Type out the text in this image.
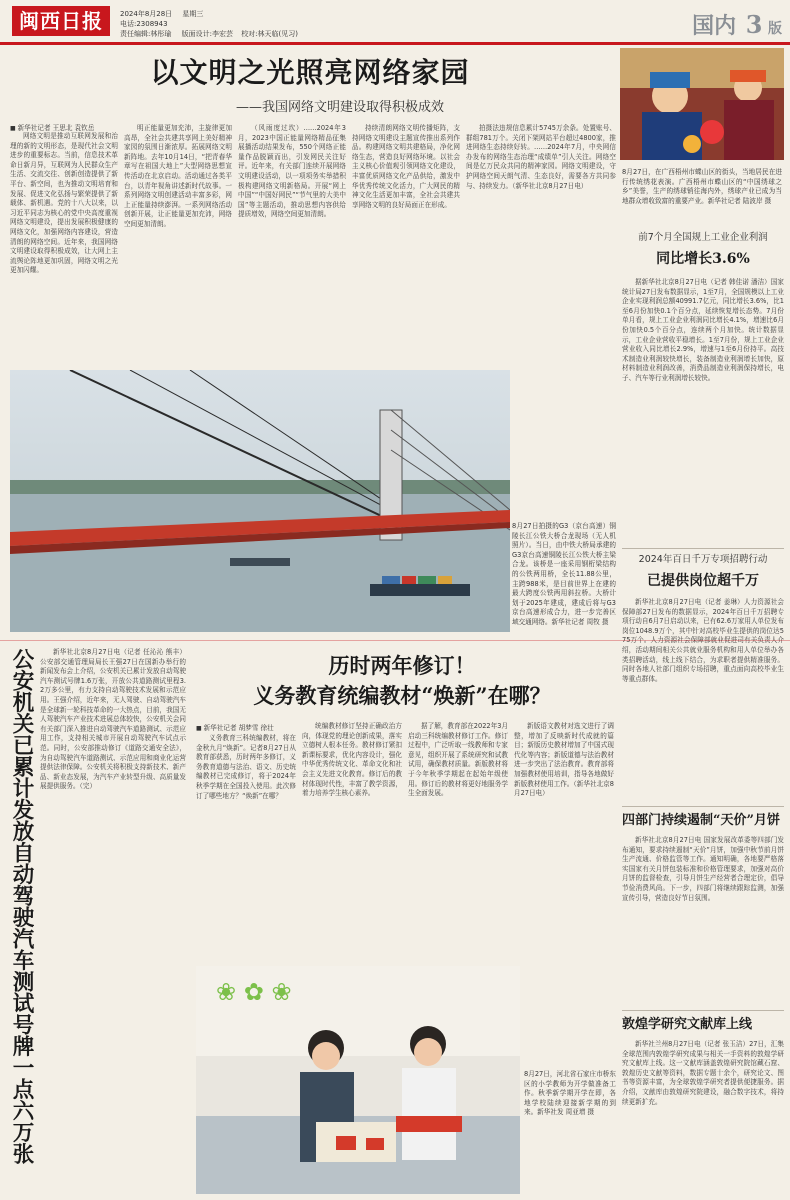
闽西日报	2024年8月28日 星期三
电话:2308943
责任编辑:林彤瑜 版面设计:李宏芸 校对:林天临(见习)	国内 3 版
以文明之光照亮网络家园
——我国网络文明建设取得积极成效
■ 新华社记者 王思北 袁钦岳

网络文明是推动互联网发展和治理的新的文明形态，是现代社会文明进步的重要标志。当前，信息技术革命日新月异，互联网为人民群众生产生活、交流交往、创新创造提供了新平台、新空间，也为推动文明培育和发展、促进文化弘扬与繁荣提供了新载体、新机遇。党的十八大以来，以习近平同志为核心的党中央高度重视网络文明建设，提出发展积极健康的网络文化，加强网络内容建设，营造清朗的网络空间。近年来，我国网络文明建设取得积极成效，让大网上主流舆论阵地更加巩固，网络文明之光更加闪耀。

明正能量更加充沛，主旋律更加高昂，全社会共建共享网上美好精神家园的氛围日渐浓厚。拓展网络文明新阵地。去年10月14日，“把青春华章写在祖国大地上”大型网络思想宣传活动在北京启动。活动通过各类平台，以青年视角讲述新时代故事。一系列网络文明创建活动丰富多彩，网上正能量持续澎湃。一系列网络活动创新开展，让正能量更加充沛，网络空间更加清朗。

（风雨度过坎）……2024年3月，2023中国正能量网络精品征集展播活动结果发布，550个网络正能量作品脱颖而出，引发网民关注好评。近年来，有关部门连续开展网络文明建设活动，以一项项务实举措积极构建网络文明新格局。开展“网上中国”“中国好网民”“节气里的大美中国”等主题活动，推动思想内容供给提质增效，网络空间更加清朗。

持续清朗网络文明传播矩阵，支持网络文明建设主题宣传推出系列作品。构建网络文明共建格局，净化网络生态，营造良好网络环境。以社会主义核心价值观引领网络文化建设，丰富优质网络文化产品供给，激发中华优秀传统文化活力，广大网民的精神文化生活更加丰富，全社会共建共享网络文明的良好局面正在形成。

拍摄法违规信息累计5745万余条。处置账号、群组781万个。关闭下架网站平台超过4800家，推进网络生态持续好转。……2024年7月，中央网信办发布的网络生态治理“成绩单”引人关注。网络空间是亿万民众共同的精神家园。网络文明建设，守护网络空间天朗气清、生态良好，需要各方共同参与、持续发力。（新华社北京8月27日电）

8月27日，在广西梧州市蝶山区的街头，当地居民在进行传统绣花表演。广西梧州市蝶山区的“中国绣球之乡”美誉，生产的绣球销往海内外，绣球产业已成为当地群众增收致富的重要产业。新华社记者 陆波岸 摄
前7个月全国规上工业企业利润
同比增长3.6%

据新华社北京8月27日电（记者 韩佳诺 潘洁）国家统计局27日发布数据显示，1至7月，全国规模以上工业企业实现利润总额40991.7亿元，同比增长3.6%，比1至6月份加快0.1个百分点，延续恢复增长态势。7月份单月看，规上工业企业利润同比增长4.1%，增速比6月份加快0.5个百分点，连续两个月加快。统计数据显示，工业企业营收平稳增长。1至7月份，规上工业企业营业收入同比增长2.9%，增速与1至6月份持平。高技术制造业利润较快增长，装备制造业利润增长加快，原材料制造业利润改善，消费品制造业利润保持增长，电子、汽车等行业利润增长较快。

2024年百日千万专项招聘行动
已提供岗位超千万

新华社北京8月27日电（记者 姜琳）人力资源社会保障部27日发布的数据显示，2024年百日千万招聘专项行动自6月7日启动以来，已有62.6万家用人单位发布岗位1048.9万个，其中针对高校毕业生提供的岗位达575万个。人力资源社会保障部就业促进司有关负责人介绍，活动期间相关公共就业服务机构和用人单位举办各类招聘活动，线上线下结合，为求职者提供精准服务。同时各地人社部门组织专场招聘，重点面向高校毕业生等重点群体。

四部门持续遏制“天价”月饼

新华社北京8月27日电 国家发展改革委等四部门发布通知，要求持续遏制“天价”月饼，加强中秋节前月饼生产流通、价格监管等工作。通知明确，各地要严格落实国家有关月饼包装标准和价格管理要求，加强对高价月饼的监督检查，引导月饼生产经营者合理定价，倡导节俭消费风尚。下一步，四部门将继续跟踪监测，加强宣传引导，营造良好节日氛围。

敦煌学研究文献库上线

新华社兰州8月27日电（记者 张玉洁）27日，汇集全球范围内敦煌学研究成果与相关一手资料的敦煌学研究文献库上线。这一文献库涵盖敦煌研究院馆藏石窟、敦煌历史文献等资料，数据专题十余个，研究论文、图书等资源丰富，为全球敦煌学研究者提供便捷服务。据介绍，文献库由敦煌研究院建设，融合数字技术，将持续更新扩充。

8月27日拍摄的G3（京台高速）铜陵长江公铁大桥合龙现场（无人机照片）。当日，由中铁大桥局承建的G3京台高速铜陵长江公铁大桥主梁合龙。该桥是一座采用钢桁梁结构的公铁两用桥，全长11.88公里，主跨988米，是目前世界上在建的最大跨度公铁两用斜拉桥。大桥计划于2025年建成，建成后将与G3京台高速形成合力，进一步完善区域交通网络。新华社记者 周牧 摄
公安机关已累计发放自动驾驶汽车测试号牌一点六万张	新华社北京8月27日电（记者 任沁沁 熊丰）公安部交通管理局局长王强27日在国新办举行的新闻发布会上介绍，公安机关已累计发放自动驾驶汽车测试号牌1.6万张，开放公共道路测试里程3.2万多公里，有力支持自动驾驶技术发展和示范应用。王强介绍，近年来，无人驾驶、自动驾驶汽车是全球新一轮科技革命的一大热点，目前，我国无人驾驶汽车产业技术进展总体较快，公安机关会同有关部门深入推进自动驾驶汽车道路测试、示范应用工作，支持相关城市开展自动驾驶汽车试点示范。同时，公安部推动修订《道路交通安全法》，为自动驾驶汽车道路测试、示范应用和商业化运营提供法律保障。公安机关将积极支持新技术、新产品、新业态发展，为汽车产业转型升级、高质量发展提供服务。（完）

历时两年修订！
义务教育统编教材“焕新”在哪？
■ 新华社记者 胡梦雪 徐壮

义务教育三科统编教材，将在金秋九月“焕新”。记者8月27日从教育部获悉，历时两年多修订，义务教育道德与法治、语文、历史统编教材已完成修订，将于2024年秋季学期在全国投入使用。此次修订了哪些地方？“焕新”在哪？

统编教材修订坚持正确政治方向，体现党的理论创新成果，落实立德树人根本任务。教材修订紧扣新课标要求，优化内容设计，强化中华优秀传统文化、革命文化和社会主义先进文化教育。修订后的教材体现时代性，丰富了教学资源，着力培养学生核心素养。

据了解，教育部在2022年3月启动三科统编教材修订工作。修订过程中，广泛听取一线教师和专家意见，组织开展了系统研究和试教试用，确保教材质量。新版教材将于今年秋季学期起在起始年级使用。修订后的教材将更好地服务学生全面发展。

新版语文教材对选文进行了调整，增加了反映新时代成就的篇目；新版历史教材增加了中国式现代化等内容；新版道德与法治教材进一步突出了法治教育。教育部将加强教材使用培训，指导各地做好新版教材使用工作。（新华社北京8月27日电）

❀ ✿ ❀
8月27日，河北省石家庄市桥东区的小学教师为开学做准备工作。秋季新学期开学在即，各地学校陆续迎接新学期的到来。新华社发 周亚增 摄
